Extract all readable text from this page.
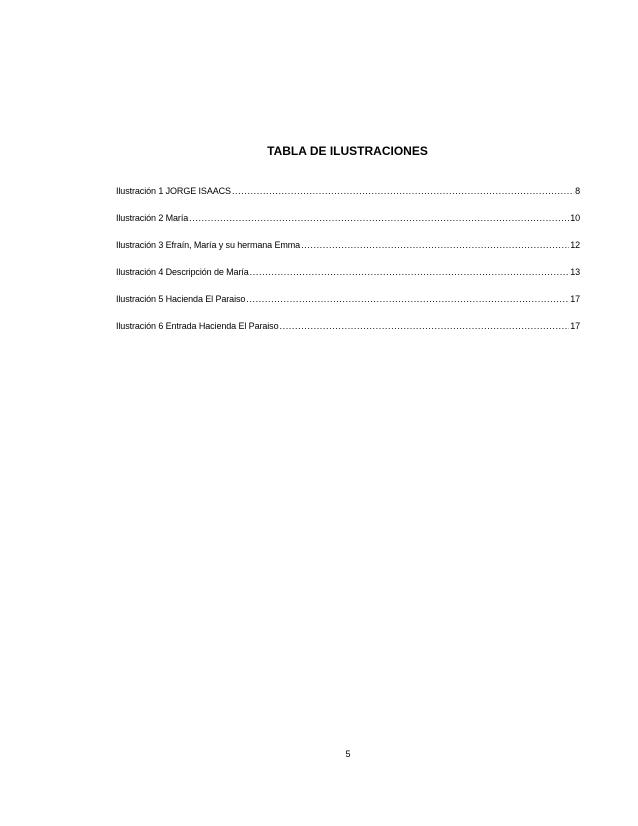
TABLA DE ILUSTRACIONES
Ilustración 1 JORGE ISAACS .....	8
Ilustración 2 María .....	10
Ilustración 3 Efraín, María y su hermana Emma .....	12
Ilustración 4 Descripción de María .....	13
Ilustración 5 Hacienda El Paraiso .....	17
Ilustración 6 Entrada Hacienda El Paraiso .....	17
5
